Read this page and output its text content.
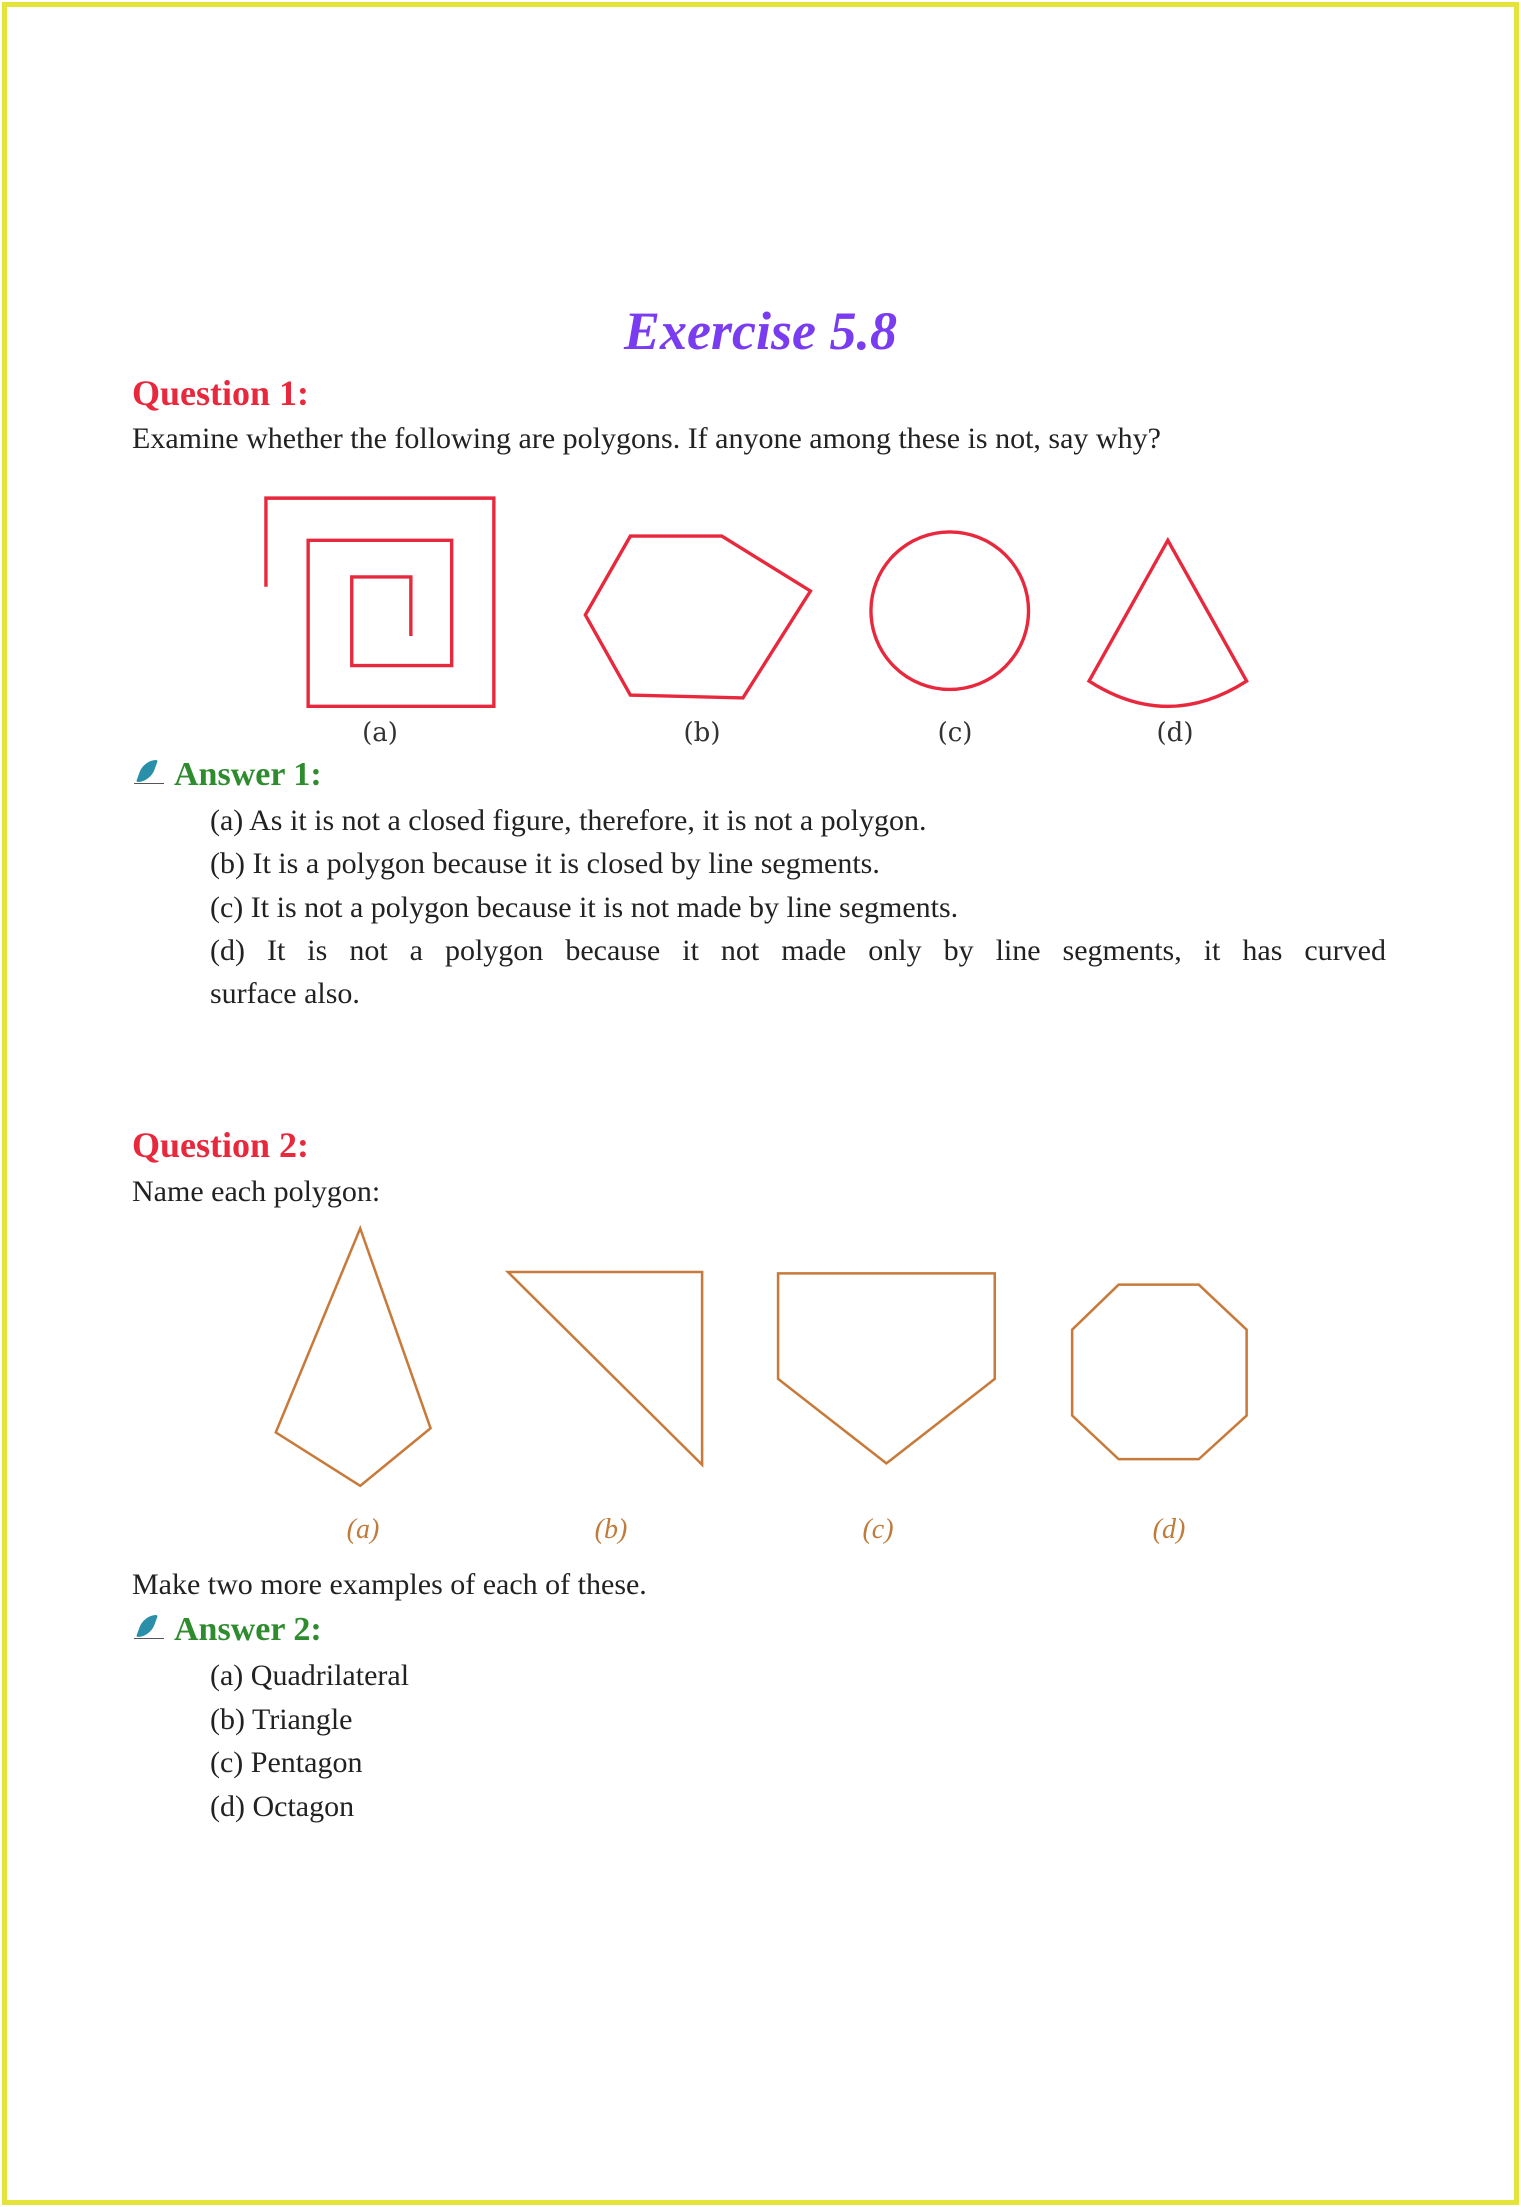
Exercise 5.8
Question 1:
Examine whether the following are polygons. If anyone among these is not, say why?
(a)	(b)	(c)	(d)
Answer 1:
(a) As it is not a closed figure, therefore, it is not a polygon.
(b) It is a polygon because it is closed by line segments.
(c) It is not a polygon because it is not made by line segments.
(d) It is not a polygon because it not made only by line segments, it has curved
surface also.
Question 2:
Name each polygon:
(a)	(b)	(c)	(d)
Make two more examples of each of these.
Answer 2:
(a) Quadrilateral
(b) Triangle
(c) Pentagon
(d) Octagon
